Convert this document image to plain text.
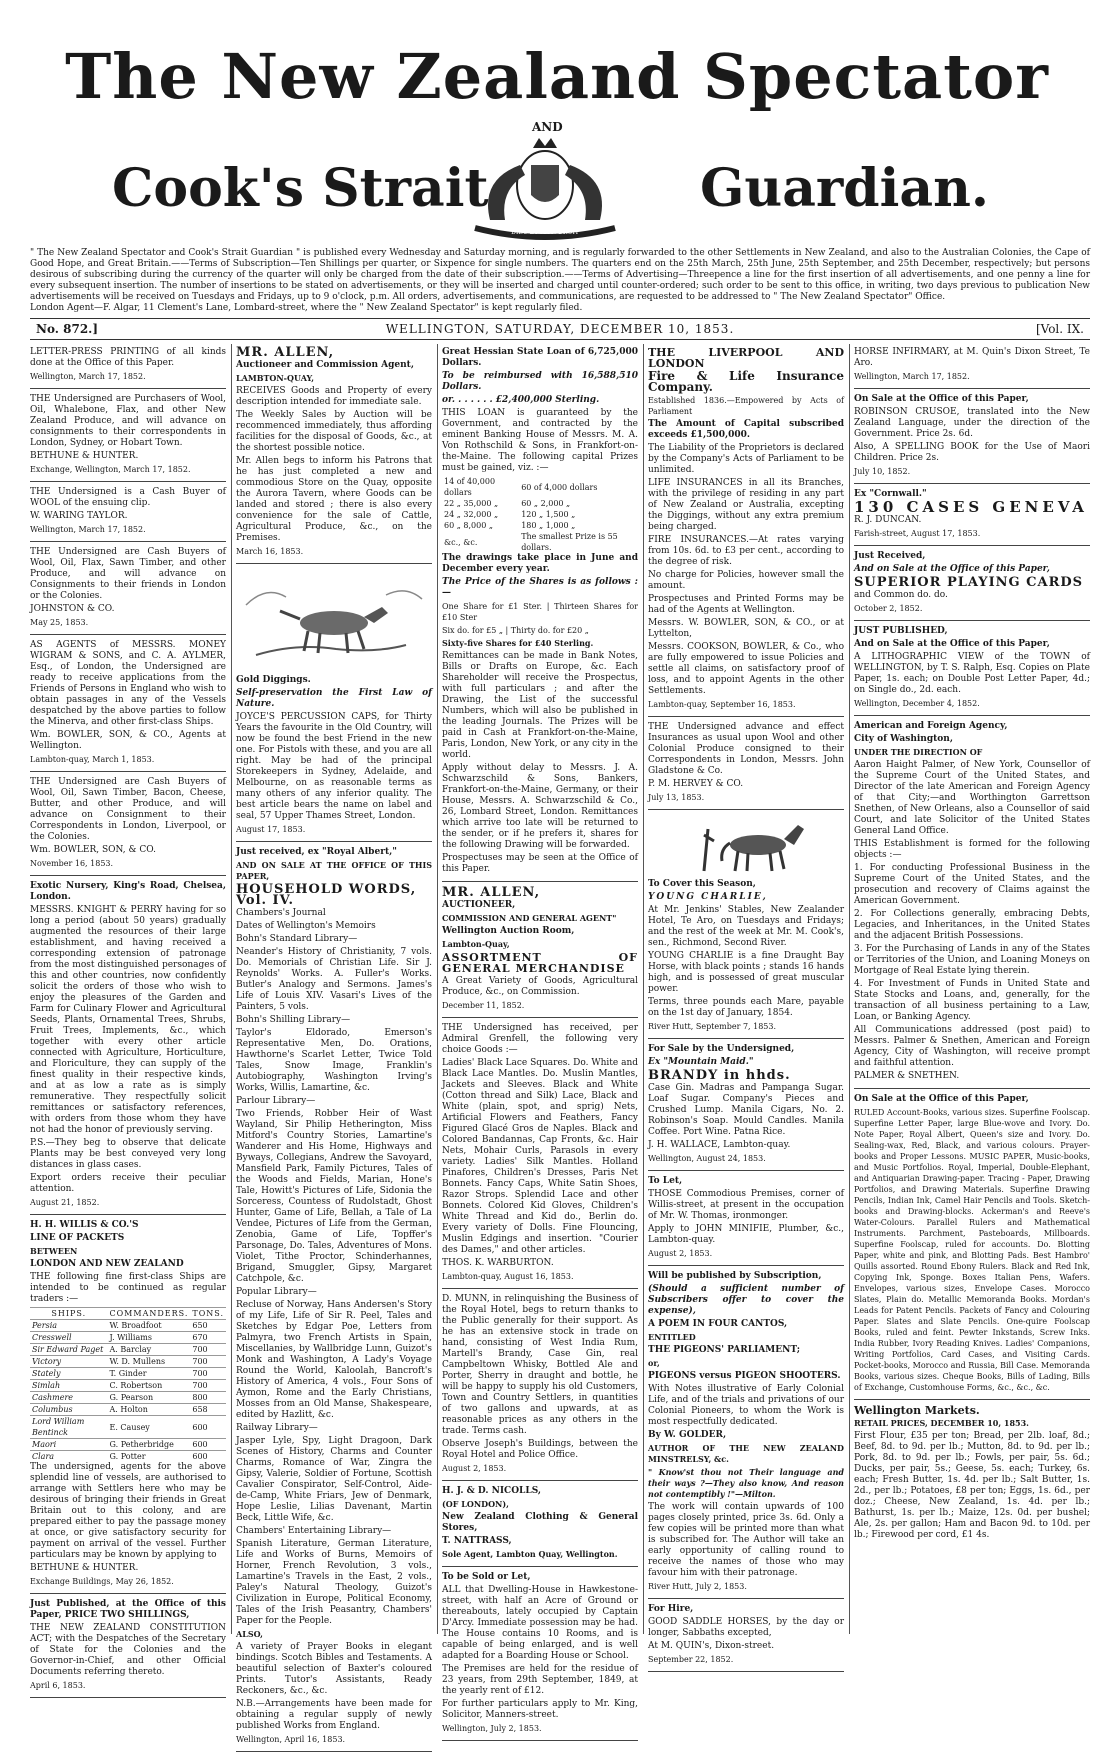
The New Zealand Spectator
AND
Cook's Strait	Guardian.
DIEU ET MON DROIT

" The New Zealand Spectator and Cook's Strait Guardian " is published every Wednesday and Saturday morning, and is regularly forwarded to the other Settlements in New Zealand, and also to the Australian Colonies, the Cape of Good Hope, and Great Britain.——Terms of Subscription—Ten Shillings per quarter, or Sixpence for single numbers. The quarters end on the 25th March, 25th June, 25th September, and 25th December, respectively; but persons desirous of subscribing during the currency of the quarter will only be charged from the date of their subscription.——Terms of Advertising—Threepence a line for the first insertion of all advertisements, and one penny a line for every subsequent insertion. The number of insertions to be stated on advertisements, or they will be inserted and charged until counter-ordered; such order to be sent to this office, in writing, two days previous to publication New advertisements will be received on Tuesdays and Fridays, up to 9 o'clock, p.m. All orders, advertisements, and communications, are requested to be addressed to " The New Zealand Spectator" Office.

London Agent—F. Algar, 11 Clement's Lane, Lombard-street, where the " New Zealand Spectator" is kept regularly filed.

No. 872.]	WELLINGTON, SATURDAY, DECEMBER 10, 1853.	[Vol. IX.

LETTER-PRESS PRINTING of all kinds done at the Office of this Paper.

Wellington, March 17, 1852.

THE Undersigned are Purchasers of Wool, Oil, Whalebone, Flax, and other New Zealand Produce, and will advance on consignments to their correspondents in London, Sydney, or Hobart Town.

BETHUNE & HUNTER.

Exchange, Wellington, March 17, 1852.

THE Undersigned is a Cash Buyer of WOOL of the ensuing clip.

W. WARING TAYLOR.

Wellington, March 17, 1852.

THE Undersigned are Cash Buyers of Wool, Oil, Flax, Sawn Timber, and other Produce, and will advance on Consignments to their friends in London or the Colonies.

JOHNSTON & CO.

May 25, 1853.

AS AGENTS of MESSRS. MONEY WIGRAM & SONS, and C. A. AYLMER, Esq., of London, the Undersigned are ready to receive applications from the Friends of Persons in England who wish to obtain passages in any of the Vessels despatched by the above parties to follow the Minerva, and other first-class Ships.

Wm. BOWLER, SON, & CO., Agents at Wellington.

Lambton-quay, March 1, 1853.

THE Undersigned are Cash Buyers of Wool, Oil, Sawn Timber, Bacon, Cheese, Butter, and other Produce, and will advance on Consignment to their Correspondents in London, Liverpool, or the Colonies.

Wm. BOWLER, SON, & CO.

November 16, 1853.

Exotic Nursery, King's Road, Chelsea, London.

MESSRS. KNIGHT & PERRY having for so long a period (about 50 years) gradually augmented the resources of their large establishment, and having received a corresponding extension of patronage from the most distinguished personages of this and other countries, now confidently solicit the orders of those who wish to enjoy the pleasures of the Garden and Farm for Culinary Flower and Agricultural Seeds, Plants, Ornamental Trees, Shrubs, Fruit Trees, Implements, &c., which together with every other article connected with Agriculture, Horticulture, and Floriculture, they can supply of the finest quality in their respective kinds, and at as low a rate as is simply remunerative. They respectfully solicit remittances or satisfactory references, with orders from those whom they have not had the honor of previously serving.

P.S.—They beg to observe that delicate Plants may be best conveyed very long distances in glass cases.

Export orders receive their peculiar attention.

August 21, 1852.

H. H. WILLIS & CO.'S

LINE OF PACKETS

BETWEEN

LONDON AND NEW ZEALAND

THE following fine first-class Ships are intended to be continued as regular traders :—

SHIPS.	COMMANDERS.	TONS.
Persia	W. Broadfoot	650
Cresswell	J. Williams	670
Sir Edward Paget	A. Barclay	700
Victory	W. D. Mullens	700
Stately	T. Ginder	700
Simlah	C. Robertson	700
Cashmere	G. Pearson	800
Columbus	A. Holton	658
Lord William Bentinck	E. Causey	600
Maori	G. Petherbridge	600
Clara	G. Potter	600

The undersigned, agents for the above splendid line of vessels, are authorised to arrange with Settlers here who may be desirous of bringing their friends in Great Britain out to this colony, and are prepared either to pay the passage money at once, or give satisfactory security for payment on arrival of the vessel. Further particulars may be known by applying to

BETHUNE & HUNTER.

Exchange Buildings, May 26, 1852.

Just Published, at the Office of this Paper, PRICE TWO SHILLINGS,

THE NEW ZEALAND CONSTITUTION ACT; with the Despatches of the Secretary of State for the Colonies and the Governor-in-Chief, and other Official Documents referring thereto.

April 6, 1853.

MR. ALLEN,

Auctioneer and Commission Agent,

LAMBTON-QUAY,

RECEIVES Goods and Property of every description intended for immediate sale.

The Weekly Sales by Auction will be recommenced immediately, thus affording facilities for the disposal of Goods, &c., at the shortest possible notice.

Mr. Allen begs to inform his Patrons that he has just completed a new and commodious Store on the Quay, opposite the Aurora Tavern, where Goods can be landed and stored ; there is also every convenience for the sale of Cattle, Agricultural Produce, &c., on the Premises.

March 16, 1853.

Gold Diggings.

Self-preservation the First Law of Nature.

JOYCE'S PERCUSSION CAPS, for Thirty Years the favourite in the Old Country, will now be found the best Friend in the new one. For Pistols with these, and you are all right. May be had of the principal Storekeepers in Sydney, Adelaide, and Melbourne, on as reasonable terms as many others of any inferior quality. The best article bears the name on label and seal, 57 Upper Thames Street, London.

August 17, 1853.

Just received, ex "Royal Albert,"

AND ON SALE AT THE OFFICE OF THIS PAPER,

HOUSEHOLD WORDS, Vol. IV.

Chambers's Journal

Dates of Wellington's Memoirs

Bohn's Standard Library—

Neander's History of Christianity, 7 vols. Do. Memorials of Christian Life. Sir J. Reynolds' Works. A. Fuller's Works. Butler's Analogy and Sermons. James's Life of Louis XIV. Vasari's Lives of the Painters, 5 vols.

Bohn's Shilling Library—

Taylor's Eldorado, Emerson's Representative Men, Do. Orations, Hawthorne's Scarlet Letter, Twice Told Tales, Snow Image, Franklin's Autobiography, Washington Irving's Works, Willis, Lamartine, &c.

Parlour Library—

Two Friends, Robber Heir of Wast Wayland, Sir Philip Hetherington, Miss Mitford's Country Stories, Lamartine's Wanderer and His Home, Highways and Byways, Collegians, Andrew the Savoyard, Mansfield Park, Family Pictures, Tales of the Woods and Fields, Marian, Hone's Tale, Howitt's Pictures of Life, Sidonia the Sorceress, Countess of Rudolstadt, Ghost Hunter, Game of Life, Bellah, a Tale of La Vendee, Pictures of Life from the German, Zenobia, Game of Life, Topffer's Parsonage, Do. Tales, Adventures of Mons. Violet, Tithe Proctor, Schinderhannes, Brigand, Smuggler, Gipsy, Margaret Catchpole, &c.

Popular Library—

Recluse of Norway, Hans Andersen's Story of my Life, Life of Sir R. Peel, Tales and Sketches by Edgar Poe, Letters from Palmyra, two French Artists in Spain, Miscellanies, by Wallbridge Lunn, Guizot's Monk and Washington, A Lady's Voyage Round the World, Kaloolah, Bancroft's History of America, 4 vols., Four Sons of Aymon, Rome and the Early Christians, Mosses from an Old Manse, Shakespeare, edited by Hazlitt, &c.

Railway Library—

Jasper Lyle, Spy, Light Dragoon, Dark Scenes of History, Charms and Counter Charms, Romance of War, Zingra the Gipsy, Valerie, Soldier of Fortune, Scottish Cavalier Conspirator, Self-Control, Aide-de-Camp, White Friars, Jew of Denmark, Hope Leslie, Lilias Davenant, Martin Beck, Little Wife, &c.

Chambers' Entertaining Library—

Spanish Literature, German Literature, Life and Works of Burns, Memoirs of Horner, French Revolution, 3 vols., Lamartine's Travels in the East, 2 vols., Paley's Natural Theology, Guizot's Civilization in Europe, Political Economy, Tales of the Irish Peasantry, Chambers' Paper for the People.

ALSO,

A variety of Prayer Books in elegant bindings. Scotch Bibles and Testaments. A beautiful selection of Baxter's coloured Prints. Tutor's Assistants, Ready Reckoners, &c., &c.

N.B.—Arrangements have been made for obtaining a regular supply of newly published Works from England.

Wellington, April 16, 1853.

Great Hessian State Loan of 6,725,000 Dollars.

To be reimbursed with 16,588,510 Dollars.

or. . . . . . . £2,400,000 Sterling.

THIS LOAN is guaranteed by the Government, and contracted by the eminent Banking House of Messrs. M. A. Von Rothschild & Sons, in Frankfort-on-the-Maine. The following capital Prizes must be gained, viz. :—

14 of 40,000 dollars	60 of 4,000 dollars
22 „ 35,000 „	60 „ 2,000 „
24 „ 32,000 „	120 „ 1,500 „
60 „ 8,000 „	180 „ 1,000 „
&c., &c.	The smallest Prize is 55 dollars.

The drawings take place in June and December every year.

The Price of the Shares is as follows :—

One Share for £1 Ster. | Thirteen Shares for £10 Ster

Six do. for £5 „ | Thirty do. for £20 „

Sixty-five Shares for £40 Sterling.

Remittances can be made in Bank Notes, Bills or Drafts on Europe, &c. Each Shareholder will receive the Prospectus, with full particulars ; and after the Drawing, the List of the successful Numbers, which will also be published in the leading Journals. The Prizes will be paid in Cash at Frankfort-on-the-Maine, Paris, London, New York, or any city in the world.

Apply without delay to Messrs. J. A. Schwarzschild & Sons, Bankers, Frankfort-on-the-Maine, Germany, or their House, Messrs. A. Schwarzschild & Co., 26, Lombard Street, London. Remittances which arrive too late will be returned to the sender, or if he prefers it, shares for the following Drawing will be forwarded.

Prospectuses may be seen at the Office of this Paper.

MR. ALLEN,

AUCTIONEER,

COMMISSION AND GENERAL AGENT"

Wellington Auction Room,

Lambton-Quay,

ASSORTMENT OF GENERAL MERCHANDISE

A Great Variety of Goods, Agricultural Produce, &c., on Commission.

December 11, 1852.

THE Undersigned has received, per Admiral Grenfell, the following very choice Goods :—

Ladies' Black Lace Squares. Do. White and Black Lace Mantles. Do. Muslin Mantles, Jackets and Sleeves. Black and White (Cotton thread and Silk) Lace, Black and White (plain, spot, and sprig) Nets, Artificial Flowers and Feathers, Fancy Figured Glacé Gros de Naples. Black and Colored Bandannas, Cap Fronts, &c. Hair Nets, Mohair Curls, Parasols in every variety. Ladies' Silk Mantles. Holland Pinafores, Children's Dresses, Paris Net Bonnets. Fancy Caps, White Satin Shoes, Razor Strops. Splendid Lace and other Bonnets. Colored Kid Gloves, Children's White Thread and Kid do., Berlin do. Every variety of Dolls. Fine Flouncing, Muslin Edgings and insertion. "Courier des Dames," and other articles.

THOS. K. WARBURTON.

Lambton-quay, August 16, 1853.

D. MUNN, in relinquishing the Business of the Royal Hotel, begs to return thanks to the Public generally for their support. As he has an extensive stock in trade on hand, consisting of West India Rum, Martell's Brandy, Case Gin, real Campbeltown Whisky, Bottled Ale and Porter, Sherry in draught and bottle, he will be happy to supply his old Customers, Town and Country Settlers, in quantities of two gallons and upwards, at as reasonable prices as any others in the trade. Terms cash.

Observe Joseph's Buildings, between the Royal Hotel and Police Office.

August 2, 1853.

H. J. & D. NICOLLS,

(OF LONDON),

New Zealand Clothing & General Stores,

T. NATTRASS,

Sole Agent, Lambton Quay, Wellington.

To be Sold or Let,

ALL that Dwelling-House in Hawkestone-street, with half an Acre of Ground or thereabouts, lately occupied by Captain D'Arcy. Immediate possession may be had. The House contains 10 Rooms, and is capable of being enlarged, and is well adapted for a Boarding House or School.

The Premises are held for the residue of 23 years, from 29th September, 1849, at the yearly rent of £12.

For further particulars apply to Mr. King, Solicitor, Manners-street.

Wellington, July 2, 1853.

THE LIVERPOOL AND LONDON

Fire & Life Insurance Company.

Established 1836.—Empowered by Acts of Parliament

The Amount of Capital subscribed exceeds £1,500,000.

The Liability of the Proprietors is declared by the Company's Acts of Parliament to be unlimited.

LIFE INSURANCES in all its Branches, with the privilege of residing in any part of New Zealand or Australia, excepting the Diggings, without any extra premium being charged.

FIRE INSURANCES.—At rates varying from 10s. 6d. to £3 per cent., according to the degree of risk.

No charge for Policies, however small the amount.

Prospectuses and Printed Forms may be had of the Agents at Wellington.

Messrs. W. BOWLER, SON, & CO., or at Lyttelton,

Messrs. COOKSON, BOWLER, & Co., who are fully empowered to issue Policies and settle all claims, on satisfactory proof of loss, and to appoint Agents in the other Settlements.

Lambton-quay, September 16, 1853.

THE Undersigned advance and effect Insurances as usual upon Wool and other Colonial Produce consigned to their Correspondents in London, Messrs. John Gladstone & Co.

P. M. HERVEY & CO.

July 13, 1853.

To Cover this Season,

YOUNG CHARLIE,

At Mr. Jenkins' Stables, New Zealander Hotel, Te Aro, on Tuesdays and Fridays; and the rest of the week at Mr. M. Cook's, sen., Richmond, Second River.

YOUNG CHARLIE is a fine Draught Bay Horse, with black points ; stands 16 hands high, and is possessed of great muscular power.

Terms, three pounds each Mare, payable on the 1st day of January, 1854.

River Hutt, September 7, 1853.

For Sale by the Undersigned,

Ex "Mountain Maid."

BRANDY in hhds.

Case Gin. Madras and Pampanga Sugar. Loaf Sugar. Company's Pieces and Crushed Lump. Manila Cigars, No. 2. Robinson's Soap. Mould Candles. Manila Coffee. Port Wine. Patna Rice.

J. H. WALLACE, Lambton-quay.

Wellington, August 24, 1853.

To Let,

THOSE Commodious Premises, corner of Willis-street, at present in the occupation of Mr. W. Thomas, ironmonger.

Apply to JOHN MINIFIE, Plumber, &c., Lambton-quay.

August 2, 1853.

Will be published by Subscription,

(Should a sufficient number of Subscribers offer to cover the expense),

A POEM IN FOUR CANTOS,

ENTITLED

THE PIGEONS' PARLIAMENT;

or,

PIGEONS versus PIGEON SHOOTERS.

With Notes illustrative of Early Colonial Life, and of the trials and privations of our Colonial Pioneers, to whom the Work is most respectfully dedicated.

By W. GOLDER,

AUTHOR OF THE NEW ZEALAND MINSTRELSY, &c.

" Know'st thou not Their language and their ways ?—They also know, And reason not contemptibly !"—Milton.

The work will contain upwards of 100 pages closely printed, price 3s. 6d. Only a few copies will be printed more than what is subscribed for. The Author will take an early opportunity of calling round to receive the names of those who may favour him with their patronage.

River Hutt, July 2, 1853.

For Hire,

GOOD SADDLE HORSES, by the day or longer, Sabbaths excepted,

At M. QUIN's, Dixon-street.

September 22, 1852.

HORSE INFIRMARY, at M. Quin's Dixon Street, Te Aro.

Wellington, March 17, 1852.

On Sale at the Office of this Paper,

ROBINSON CRUSOE, translated into the New Zealand Language, under the direction of the Government. Price 2s. 6d.

Also, A SPELLING BOOK for the Use of Maori Children. Price 2s.

July 10, 1852.

Ex "Cornwall."

130 CASES GENEVA

R. J. DUNCAN.

Farish-street, August 17, 1853.

Just Received,

And on Sale at the Office of this Paper,

SUPERIOR PLAYING CARDS

and Common do. do.

October 2, 1852.

JUST PUBLISHED,

And on Sale at the Office of this Paper,

A LITHOGRAPHIC VIEW of the TOWN of WELLINGTON, by T. S. Ralph, Esq. Copies on Plate Paper, 1s. each; on Double Post Letter Paper, 4d.; on Single do., 2d. each.

Wellington, December 4, 1852.

American and Foreign Agency,

City of Washington,

UNDER THE DIRECTION OF

Aaron Haight Palmer, of New York, Counsellor of the Supreme Court of the United States, and Director of the late American and Foreign Agency of that City;—and Worthington Garrettson Snethen, of New Orleans, also a Counsellor of said Court, and late Solicitor of the United States General Land Office.

THIS Establishment is formed for the following objects :—

1. For conducting Professional Business in the Supreme Court of the United States, and the prosecution and recovery of Claims against the American Government.

2. For Collections generally, embracing Debts, Legacies, and Inheritances, in the United States and the adjacent British Possessions.

3. For the Purchasing of Lands in any of the States or Territories of the Union, and Loaning Moneys on Mortgage of Real Estate lying therein.

4. For Investment of Funds in United State and State Stocks and Loans, and, generally, for the transaction of all business pertaining to a Law, Loan, or Banking Agency.

All Communications addressed (post paid) to Messrs. Palmer & Snethen, American and Foreign Agency, City of Washington, will receive prompt and faithful attention.

PALMER & SNETHEN.

On Sale at the Office of this Paper,

RULED Account-Books, various sizes. Superfine Foolscap. Superfine Letter Paper, large Blue-wove and Ivory. Do. Note Paper, Royal Albert, Queen's size and Ivory. Do. Sealing-wax, Red, Black, and various colours. Prayer-books and Proper Lessons. MUSIC PAPER, Music-books, and Music Portfolios. Royal, Imperial, Double-Elephant, and Antiquarian Drawing-paper. Tracing - Paper, Drawing Portfolios, and Drawing Materials. Superfine Drawing Pencils, Indian Ink, Camel Hair Pencils and Tools. Sketch-books and Drawing-blocks. Ackerman's and Reeve's Water-Colours. Parallel Rulers and Mathematical Instruments. Parchment, Pasteboards, Millboards. Superfine Foolscap, ruled for accounts. Do. Blotting Paper, white and pink, and Blotting Pads. Best Hambro' Quills assorted. Round Ebony Rulers. Black and Red Ink, Copying Ink, Sponge. Boxes Italian Pens, Wafers. Envelopes, various sizes, Envelope Cases. Morocco Slates, Plain do. Metallic Memoranda Books. Mordan's Leads for Patent Pencils. Packets of Fancy and Colouring Paper. Slates and Slate Pencils. One-quire Foolscap Books, ruled and feint. Pewter Inkstands, Screw Inks. India Rubber, Ivory Reading Knives. Ladies' Companions, Writing Portfolios, Card Cases, and Visiting Cards. Pocket-books, Morocco and Russia, Bill Case. Memoranda Books, various sizes. Cheque Books, Bills of Lading, Bills of Exchange, Customhouse Forms, &c., &c., &c.

Wellington Markets.

RETAIL PRICES, DECEMBER 10, 1853.

First Flour, £35 per ton; Bread, per 2lb. loaf, 8d.; Beef, 8d. to 9d. per lb.; Mutton, 8d. to 9d. per lb.; Pork, 8d. to 9d. per lb.; Fowls, per pair, 5s. 6d.; Ducks, per pair, 5s.; Geese, 5s. each; Turkey, 6s. each; Fresh Butter, 1s. 4d. per lb.; Salt Butter, 1s. 2d., per lb.; Potatoes, £8 per ton; Eggs, 1s. 6d., per doz.; Cheese, New Zealand, 1s. 4d. per lb.; Bathurst, 1s. per lb.; Maize, 12s. 0d. per bushel; Ale, 2s. per gallon; Ham and Bacon 9d. to 10d. per lb.; Firewood per cord, £1 4s.
